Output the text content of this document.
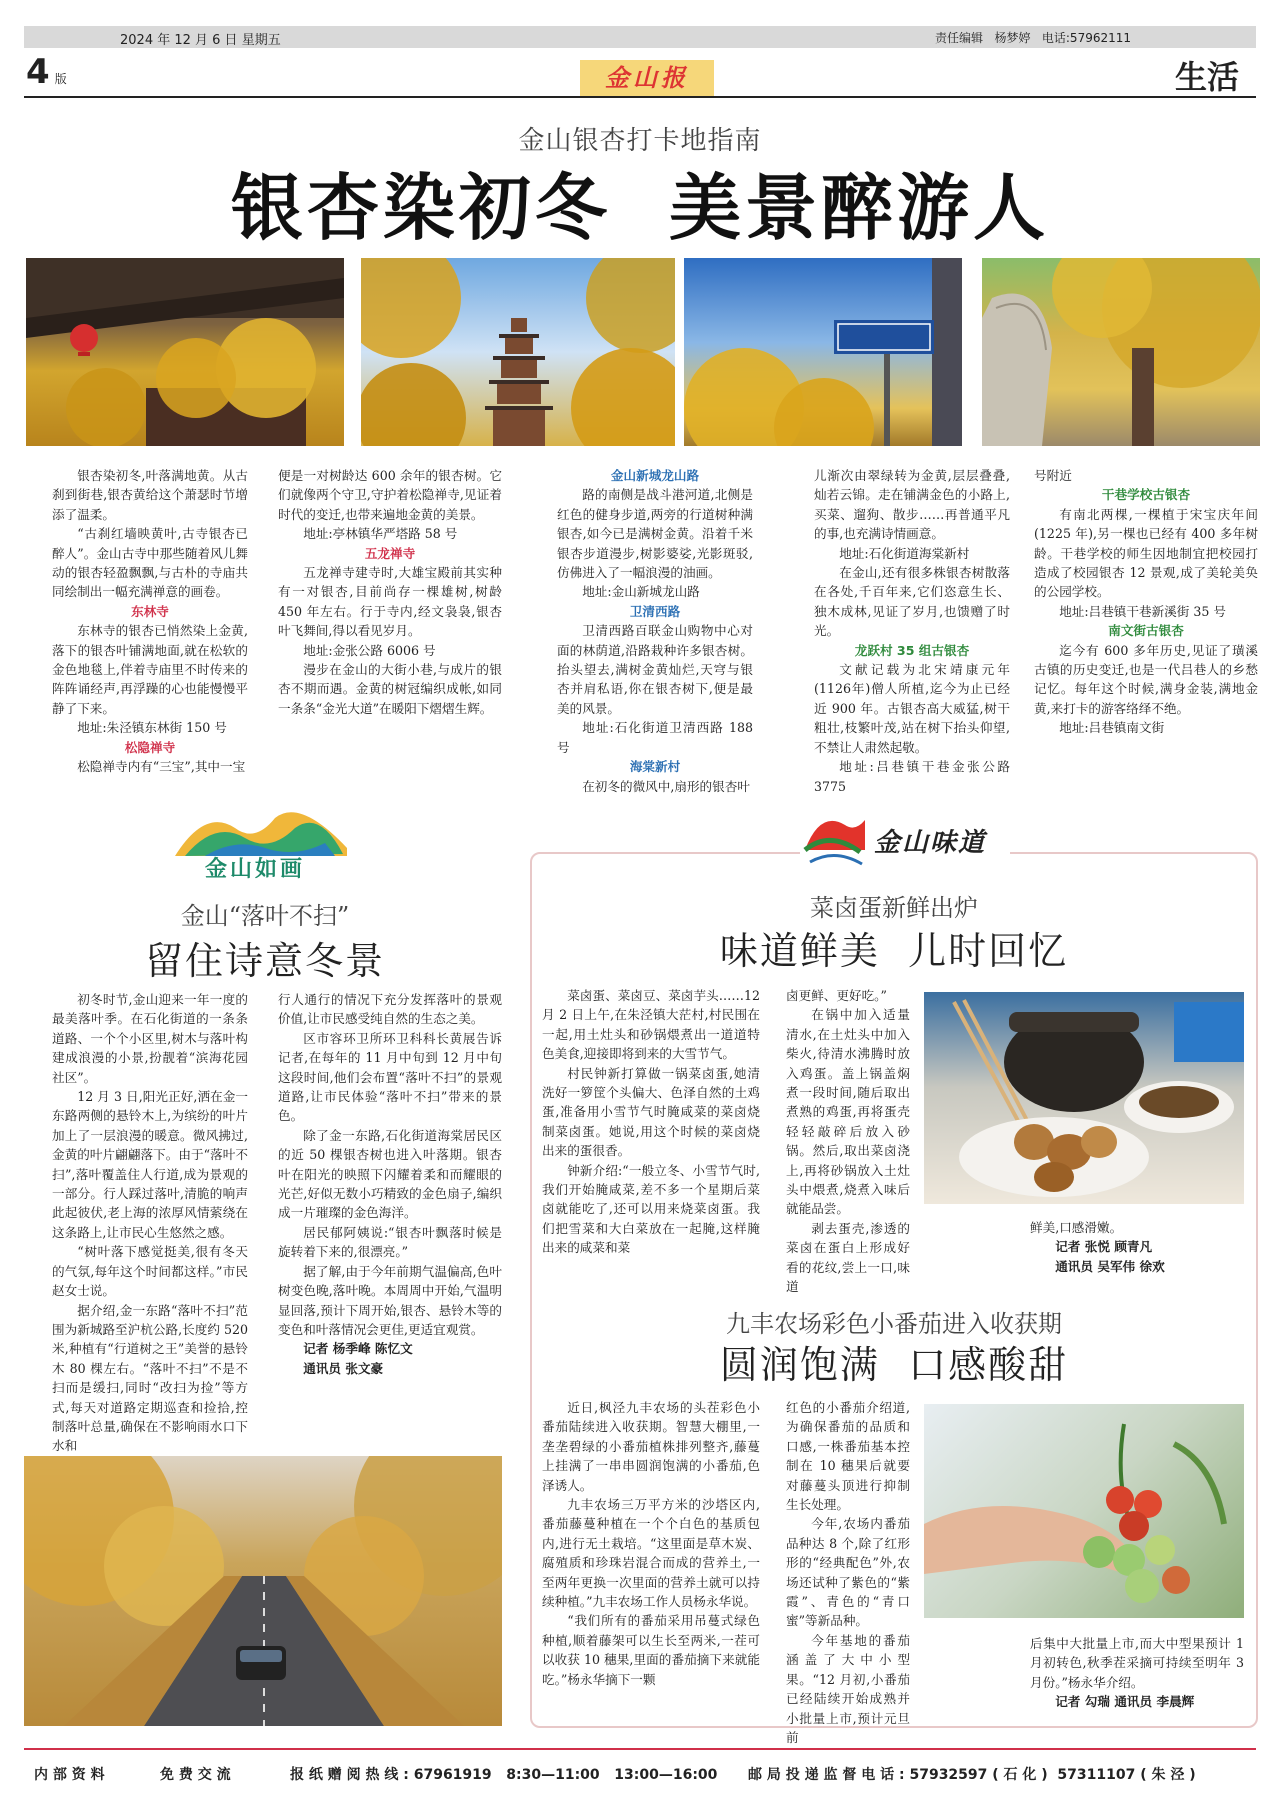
2024 年 12 月 6 日 星期五	责任编辑   杨梦婷   电话:57962111
4 版	金山报	生活
金山银杏打卡地指南
银杏染初冬  美景醉游人

银杏染初冬,叶落满地黄。从古刹到街巷,银杏黄给这个萧瑟时节增添了温柔。

“古刹红墙映黄叶,古寺银杏已醉人”。金山古寺中那些随着风儿舞动的银杏轻盈飘飘,与古朴的寺庙共同绘制出一幅充满禅意的画卷。

东林寺

东林寺的银杏已悄然染上金黄,落下的银杏叶铺满地面,就在松软的金色地毯上,伴着寺庙里不时传来的阵阵诵经声,再浮躁的心也能慢慢平静了下来。

地址:朱泾镇东林街 150 号

松隐禅寺

松隐禅寺内有“三宝”,其中一宝

便是一对树龄达 600 余年的银杏树。它们就像两个守卫,守护着松隐禅寺,见证着时代的变迁,也带来遍地金黄的美景。

地址:亭林镇华严塔路 58 号

五龙禅寺

五龙禅寺建寺时,大雄宝殿前其实种有一对银杏,目前尚存一棵雄树,树龄 450 年左右。行于寺内,经文袅袅,银杏叶飞舞间,得以看见岁月。

地址:金张公路 6006 号

漫步在金山的大街小巷,与成片的银杏不期而遇。金黄的树冠编织成帐,如同一条条“金光大道”在暖阳下熠熠生辉。

金山新城龙山路

路的南侧是战斗港河道,北侧是红色的健身步道,两旁的行道树种满银杏,如今已是满树金黄。沿着千米银杏步道漫步,树影婆娑,光影斑驳,仿佛进入了一幅浪漫的油画。

地址:金山新城龙山路

卫清西路

卫清西路百联金山购物中心对面的林荫道,沿路栽种许多银杏树。抬头望去,满树金黄灿烂,天穹与银杏并肩私语,你在银杏树下,便是最美的风景。

地址:石化街道卫清西路 188 号

海棠新村

在初冬的微风中,扇形的银杏叶

儿渐次由翠绿转为金黄,层层叠叠,灿若云锦。走在铺满金色的小路上,买菜、遛狗、散步……再普通平凡的事,也充满诗情画意。

地址:石化街道海棠新村

在金山,还有很多株银杏树散落在各处,千百年来,它们恣意生长、独木成林,见证了岁月,也馈赠了时光。

龙跃村 35 组古银杏

文献记载为北宋靖康元年(1126年)僧人所植,迄今为止已经近 900 年。古银杏高大威猛,树干粗壮,枝繁叶茂,站在树下抬头仰望,不禁让人肃然起敬。

地址:吕巷镇干巷金张公路 3775

号附近

干巷学校古银杏

有南北两棵,一棵植于宋宝庆年间(1225 年),另一棵也已经有 400 多年树龄。干巷学校的师生因地制宜把校园打造成了校园银杏 12 景观,成了美轮美奂的公园学校。

地址:吕巷镇干巷新溪街 35 号

南文街古银杏

迄今有 600 多年历史,见证了璜溪古镇的历史变迁,也是一代吕巷人的乡愁记忆。每年这个时候,满身金装,满地金黄,来打卡的游客络绎不绝。

地址:吕巷镇南文街

金山如画
金山“落叶不扫”
留住诗意冬景

初冬时节,金山迎来一年一度的最美落叶季。在石化街道的一条条道路、一个个小区里,树木与落叶构建成浪漫的小景,扮靓着“滨海花园社区”。

12 月 3 日,阳光正好,洒在金一东路两侧的悬铃木上,为缤纷的叶片加上了一层浪漫的暖意。微风拂过,金黄的叶片翩翩落下。由于“落叶不扫”,落叶覆盖住人行道,成为景观的一部分。行人踩过落叶,清脆的响声此起彼伏,老上海的浓厚风情萦绕在这条路上,让市民心生悠然之感。

“树叶落下感觉挺美,很有冬天的气氛,每年这个时间都这样。”市民赵女士说。

据介绍,金一东路“落叶不扫”范围为新城路至沪杭公路,长度约 520 米,种植有“行道树之王”美誉的悬铃木 80 棵左右。“落叶不扫”不是不扫而是缓扫,同时“改扫为捡”等方式,每天对道路定期巡查和捡拾,控制落叶总量,确保在不影响雨水口下水和

行人通行的情况下充分发挥落叶的景观价值,让市民感受纯自然的生态之美。

区市容环卫所环卫科科长黄展告诉记者,在每年的 11 月中旬到 12 月中旬这段时间,他们会布置“落叶不扫”的景观道路,让市民体验“落叶不扫”带来的景色。

除了金一东路,石化街道海棠居民区的近 50 棵银杏树也进入叶落期。银杏叶在阳光的映照下闪耀着柔和而耀眼的光芒,好似无数小巧精致的金色扇子,编织成一片璀璨的金色海洋。

居民郁阿姨说:“银杏叶飘落时候是旋转着下来的,很漂亮。”

据了解,由于今年前期气温偏高,色叶树变色晚,落叶晚。本周周中开始,气温明显回落,预计下周开始,银杏、悬铃木等的变色和叶落情况会更佳,更适宜观赏。

记者 杨季峰 陈忆文

通讯员 张文豪

金山味道
菜卤蛋新鲜出炉
味道鲜美  儿时回忆

菜卤蛋、菜卤豆、菜卤芋头……12 月 2 日上午,在朱泾镇大茫村,村民围在一起,用土灶头和砂锅煨煮出一道道特色美食,迎接即将到来的大雪节气。

村民钟新打算做一锅菜卤蛋,她清洗好一箩筐个头偏大、色泽自然的土鸡蛋,准备用小雪节气时腌咸菜的菜卤烧制菜卤蛋。她说,用这个时候的菜卤烧出来的蛋很香。

钟新介绍:“一般立冬、小雪节气时,我们开始腌咸菜,差不多一个星期后菜卤就能吃了,还可以用来烧菜卤蛋。我们把雪菜和大白菜放在一起腌,这样腌出来的咸菜和菜

卤更鲜、更好吃。”

在锅中加入适量清水,在土灶头中加入柴火,待清水沸腾时放入鸡蛋。盖上锅盖焖煮一段时间,随后取出煮熟的鸡蛋,再将蛋壳轻轻敲碎后放入砂锅。然后,取出菜卤浇上,再将砂锅放入土灶头中煨煮,烧煮入味后就能品尝。

剥去蛋壳,渗透的菜卤在蛋白上形成好看的花纹,尝上一口,味道

鲜美,口感滑嫩。

记者 张悦 顾青凡

通讯员 吴军伟 徐欢

九丰农场彩色小番茄进入收获期
圆润饱满  口感酸甜

近日,枫泾九丰农场的头茬彩色小番茄陆续进入收获期。智慧大棚里,一垄垄碧绿的小番茄植株排列整齐,藤蔓上挂满了一串串圆润饱满的小番茄,色泽诱人。

九丰农场三万平方米的沙塔区内,番茄藤蔓种植在一个个白色的基质包内,进行无土栽培。“这里面是草木炭、腐殖质和珍珠岩混合而成的营养土,一至两年更换一次里面的营养土就可以持续种植。”九丰农场工作人员杨永华说。

“我们所有的番茄采用吊蔓式绿色种植,顺着藤架可以生长至两米,一茬可以收获 10 穗果,里面的番茄摘下来就能吃。”杨永华摘下一颗

红色的小番茄介绍道,为确保番茄的品质和口感,一株番茄基本控制在 10 穗果后就要对藤蔓头顶进行抑制生长处理。

今年,农场内番茄品种达 8 个,除了红形形的“经典配色”外,农场还试种了紫色的“紫霞”、青色的“青口蜜”等新品种。

今年基地的番茄涵盖了大中小型果。“12 月初,小番茄已经陆续开始成熟并小批量上市,预计元旦前

后集中大批量上市,而大中型果预计 1 月初转色,秋季茬采摘可持续至明年 3 月份。”杨永华介绍。

记者 勾瑞 通讯员 李晨辉

内 部 资 料	免 费 交 流	报 纸 赠 阅 热 线 : 67961919   8:30—11:00   13:00—16:00 邮 局 投 递 监 督 电 话 : 57932597 ( 石 化 )  57311107 ( 朱 泾 )
